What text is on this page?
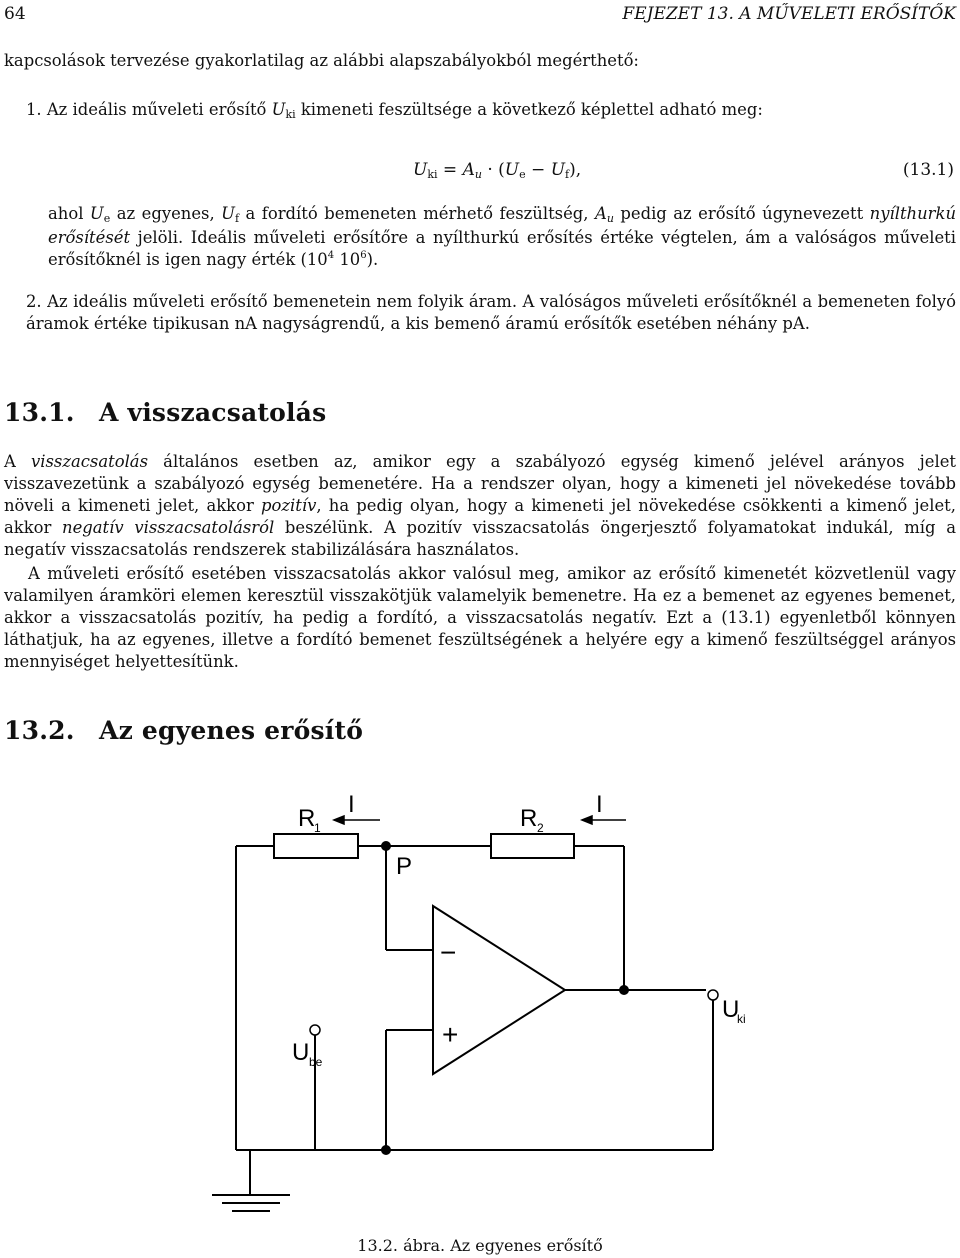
64	FEJEZET 13. A MŰVELETI ERŐSÍTŐK
kapcsolások tervezése gyakorlatilag az alábbi alapszabályokból megérthető:
1. Az ideális műveleti erősítő Uki kimeneti feszültsége a következő képlettel adható meg:
Uki = Au · (Ue − Uf),	(13.1)
ahol Ue az egyenes, Uf a fordító bemeneten mérhető feszültség, Au pedig az erősítő úgynevezett nyílthurkú erősítését jelöli. Ideális műveleti erősítőre a nyílthurkú erősítés értéke végtelen, ám a valóságos műveleti erősítőknél is igen nagy érték ($10^4$ $10^6$).
2. Az ideális műveleti erősítő bemenetein nem folyik áram. A valóságos műveleti erősítőknél a bemeneten folyó áramok értéke tipikusan nA nagyságrendű, a kis bemenő áramú erősítők esetében néhány pA.
13.1. A visszacsatolás
A visszacsatolás általános esetben az, amikor egy a szabályozó egység kimenő jelével arányos jelet visszavezetünk a szabályozó egység bemenetére. Ha a rendszer olyan, hogy a kimeneti jel növekedése tovább növeli a kimeneti jelet, akkor pozitív, ha pedig olyan, hogy a kimeneti jel növekedése csökkenti a kimenő jelet, akkor negatív visszacsatolásról beszélünk. A pozitív visszacsatolás öngerjesztő folyamatokat indukál, míg a negatív visszacsatolás rendszerek stabilizálására használatos.
A műveleti erősítő esetében visszacsatolás akkor valósul meg, amikor az erősítő kimenetét közvetlenül vagy valamilyen áramköri elemen keresztül visszakötjük valamelyik bemenetre. Ha ez a bemenet az egyenes bemenet, akkor a visszacsatolás pozitív, ha pedig a fordító, a visszacsatolás negatív. Ezt a (13.1) egyenletből könnyen láthatjuk, ha az egyenes, illetve a fordító bemenet feszültségének a helyére egy a kimenő feszültséggel arányos mennyiséget helyettesítünk.
13.2. Az egyenes erősítő
R
1	R 2
I	I
P
−
+
U
ki
U be
13.2. ábra. Az egyenes erősítő
